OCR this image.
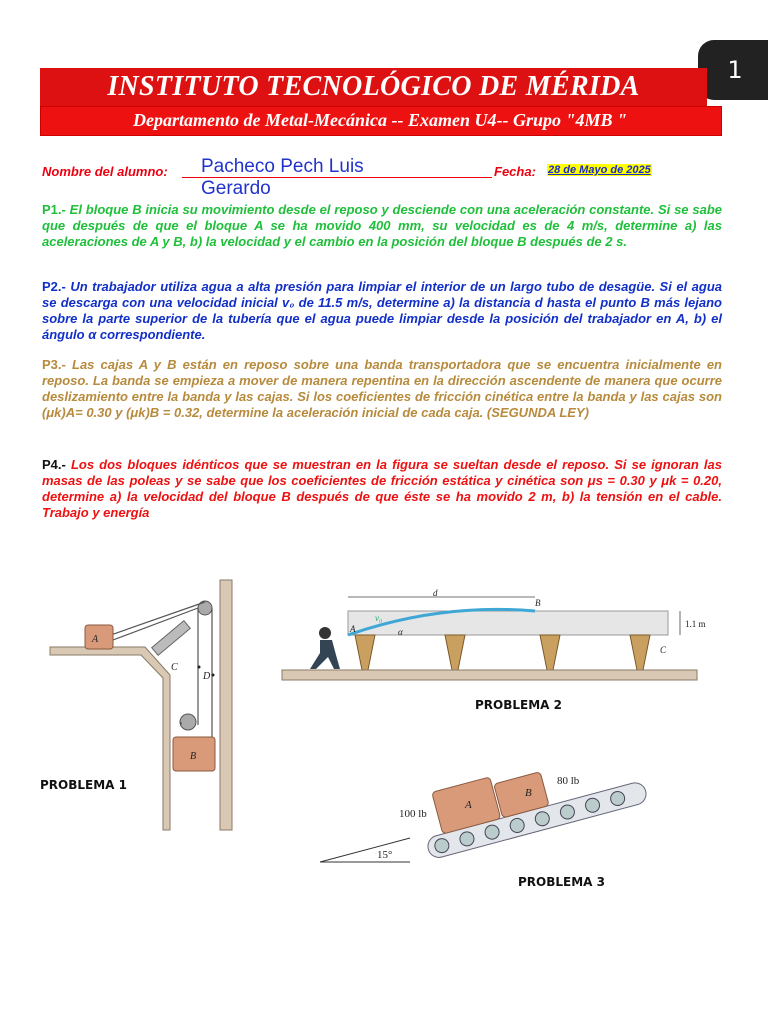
1
INSTITUTO TECNOLÓGICO DE MÉRIDA
Departamento de Metal-Mecánica -- Examen U4-- Grupo "4MB "
Nombre del alumno: Pacheco Pech Luis Gerardo
Fecha: 28 de Mayo de 2025
P1.- El bloque B inicia su movimiento desde el reposo y desciende con una aceleración constante. Si se sabe que después de que el bloque A se ha movido 400 mm, su velocidad es de 4 m/s, determine a) las aceleraciones de A y B, b) la velocidad y el cambio en la posición del bloque B después de 2 s.
P2.- Un trabajador utiliza agua a alta presión para limpiar el interior de un largo tubo de desagüe. Si el agua se descarga con una velocidad inicial v₀ de 11.5 m/s, determine a) la distancia d hasta el punto B más lejano sobre la parte superior de la tubería que el agua puede limpiar desde la posición del trabajador en A, b) el ángulo α correspondiente.
P3.- Las cajas A y B están en reposo sobre una banda transportadora que se encuentra inicialmente en reposo. La banda se empieza a mover de manera repentina en la dirección ascendente de manera que ocurre deslizamiento entre la banda y las cajas. Si los coeficientes de fricción cinética entre la banda y las cajas son (μk)A= 0.30 y (μk)B = 0.32, determine la aceleración inicial de cada caja. (SEGUNDA LEY)
P4.- Los dos bloques idénticos que se muestran en la figura se sueltan desde el reposo. Si se ignoran las masas de las poleas y se sabe que los coeficientes de fricción estática y cinética son μs = 0.30 y μk = 0.20, determine a) la velocidad del bloque B después de que éste se ha movido 2 m, b) la tensión en el cable. Trabajo y energía
A
B
C
D
PROBLEMA 1
d
B
v₀
α
A
C
1.1 m
PROBLEMA 2
15°
A
B
100 lb
80 lb
PROBLEMA 3
